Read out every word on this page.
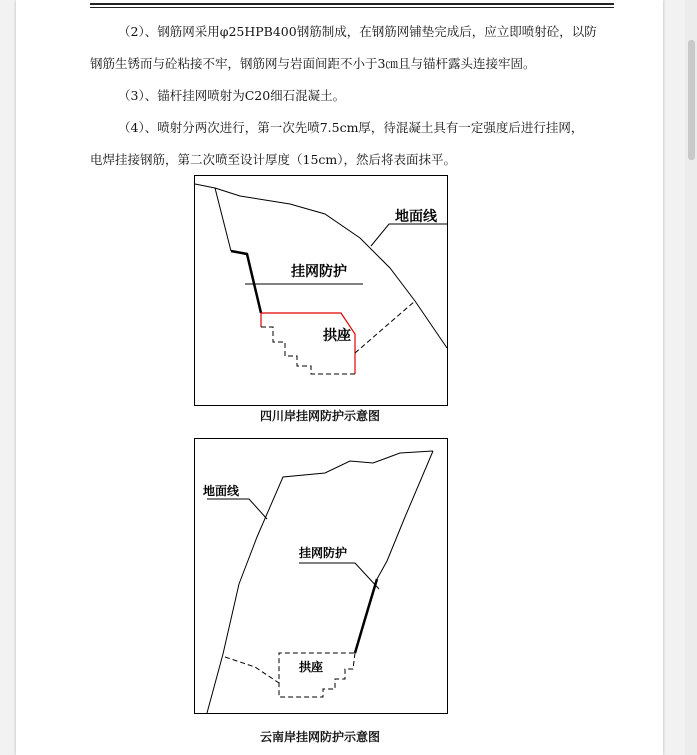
（2）、钢筋网采用φ25HPB400钢筋制成，在钢筋网铺垫完成后，应立即喷射砼，以防
钢筋生锈而与砼粘接不牢，钢筋网与岩面间距不小于3㎝且与锚杆露头连接牢固。
（3）、锚杆挂网喷射为C20细石混凝土。
（4）、喷射分两次进行，第一次先喷7.5cm厚，待混凝土具有一定强度后进行挂网，
电焊挂接钢筋，第二次喷至设计厚度（15cm），然后将表面抹平。
地面线
挂网防护
拱座
四川岸挂网防护示意图
地面线
挂网防护
拱座
云南岸挂网防护示意图
